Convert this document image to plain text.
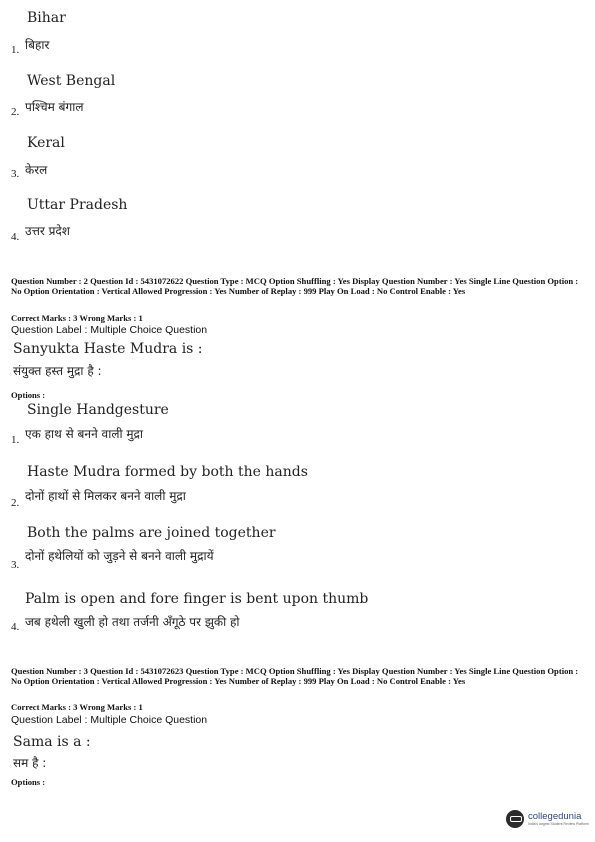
Bihar
1. बिहार
West Bengal
2. पश्चिम बंगाल
Keral
3. केरल
Uttar Pradesh
4. उत्तर प्रदेश
Question Number : 2 Question Id : 5431072622 Question Type : MCQ Option Shuffling : Yes Display Question Number : Yes Single Line Question Option : No Option Orientation : Vertical Allowed Progression : Yes Number of Replay : 999 Play On Load : No Control Enable : Yes
Correct Marks : 3 Wrong Marks : 1
Question Label : Multiple Choice Question
Sanyukta Haste Mudra is :
संयुक्त हस्त मुद्रा है :
Options :
Single Handgesture
1. एक हाथ से बनने वाली मुद्रा
Haste Mudra formed by both the hands
2. दोनों हाथों से मिलकर बनने वाली मुद्रा
Both the palms are joined together
3.
दोनों हथेलियों को जुड़ने से बनने वाली मुद्रायें
Palm is open and fore finger is bent upon thumb
4. जब हथेली खुली हो तथा तर्जनी अँगूठे पर झुकी हो
Question Number : 3 Question Id : 5431072623 Question Type : MCQ Option Shuffling : Yes Display Question Number : Yes Single Line Question Option : No Option Orientation : Vertical Allowed Progression : Yes Number of Replay : 999 Play On Load : No Control Enable : Yes
Correct Marks : 3 Wrong Marks : 1
Question Label : Multiple Choice Question
Sama is a :
सम है :
Options :
collegedunia
India's largest Student Review Platform
